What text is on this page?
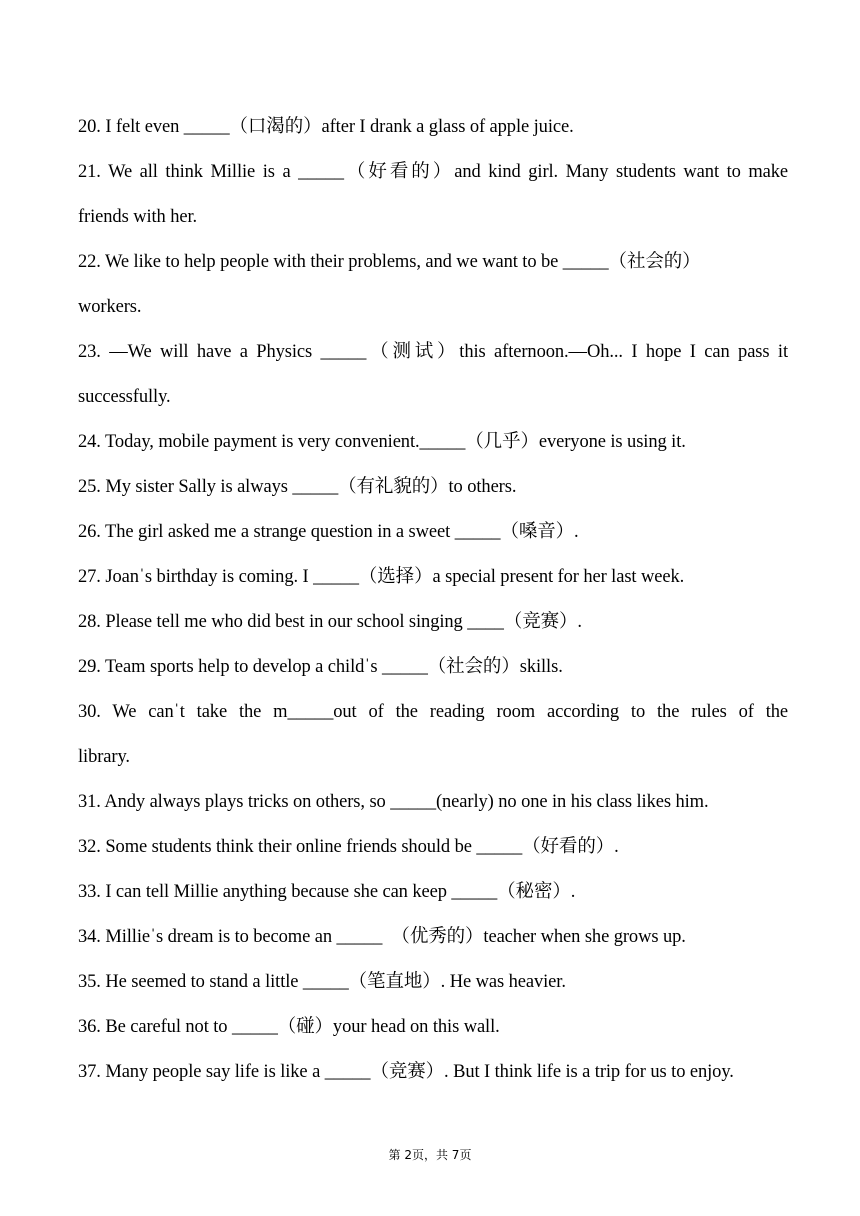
20. I felt even _____（口渴的）after I drank a glass of apple juice.
21. We all think Millie is a _____（好看的）and kind girl. Many students want to make
friends with her.
22. We like to help people with their problems, and we want to be _____（社会的）
workers.
23. —We will have a Physics _____（测试）this afternoon.—Oh... I hope I can pass it
successfully.
24. Today, mobile payment is very convenient._____（几乎）everyone is using it.
25. My sister Sally is always _____（有礼貌的）to others.
26. The girl asked me a strange question in a sweet _____（嗓音）.
27. Joanˈs birthday is coming. I _____（选择）a special present for her last week.
28. Please tell me who did best in our school singing ____（竞赛）.
29. Team sports help to develop a childˈs _____（社会的）skills.
30. We canˈt take the m_____out of the reading room according to the rules of the
library.
31. Andy always plays tricks on others, so _____(nearly) no one in his class likes him.
32. Some students think their online friends should be _____（好看的）.
33. I can tell Millie anything because she can keep _____（秘密）.
34. Millieˈs dream is to become an _____　（优秀的）teacher when she grows up.
35. He seemed to stand a little _____（笔直地）. He was heavier.
36. Be careful not to _____（碰）your head on this wall.
37. Many people say life is like a _____（竞赛）. But I think life is a trip for us to enjoy.
第 2页，共 7页
